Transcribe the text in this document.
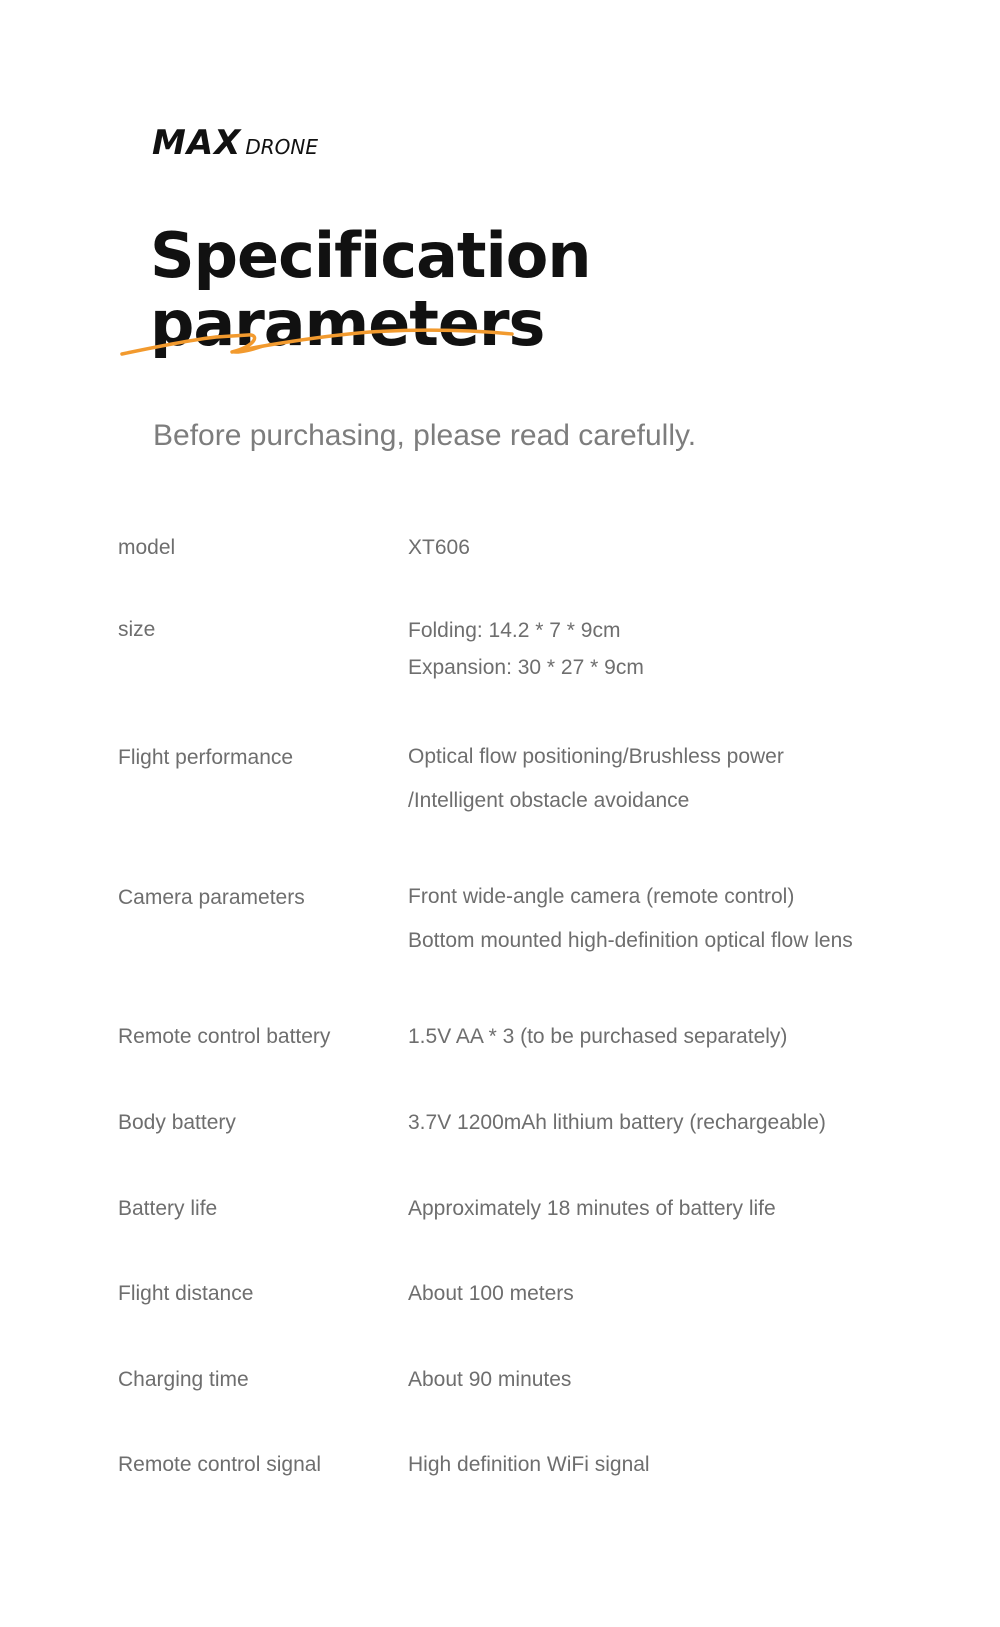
MAX DRONE
Specification
parameters
Before purchasing, please read carefully.
model	XT606
size	Folding: 14.2 * 7 * 9cm
Expansion: 30 * 27 * 9cm
Flight performance	Optical flow positioning/Brushless power
/Intelligent obstacle avoidance
Camera parameters	Front wide-angle camera (remote control)
Bottom mounted high-definition optical flow lens
Remote control battery	1.5V AA * 3 (to be purchased separately)
Body battery	3.7V 1200mAh lithium battery (rechargeable)
Battery life	Approximately 18 minutes of battery life
Flight distance	About 100 meters
Charging time	About 90 minutes
Remote control signal	High definition WiFi signal
